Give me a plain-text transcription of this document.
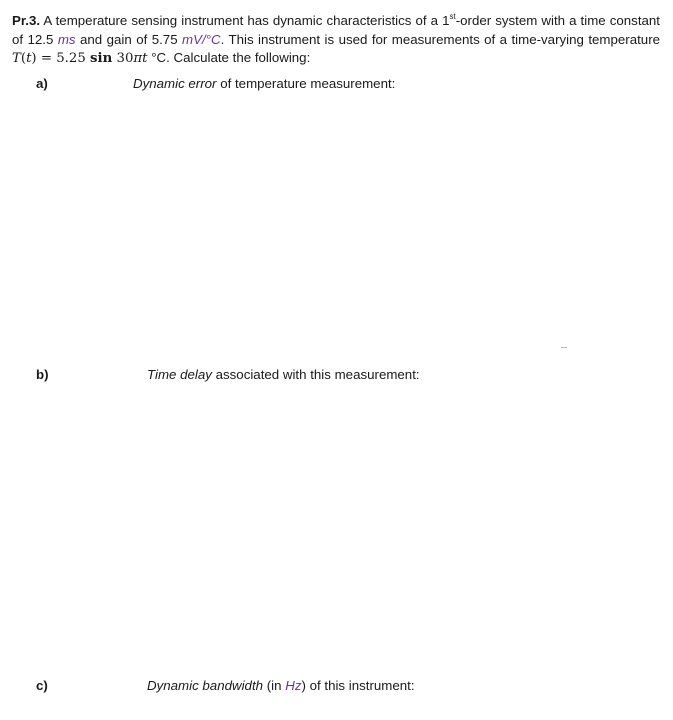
Pr.3. A temperature sensing instrument has dynamic characteristics of a 1st-order system with a time constant of 12.5 ms and gain of 5.75 mV/°C. This instrument is used for measurements of a time-varying temperature T(t) = 5.25 sin 30πt °C. Calculate the following:
a)	Dynamic error of temperature measurement:
b)	Time delay associated with this measurement:
c)	Dynamic bandwidth (in Hz) of this instrument:
